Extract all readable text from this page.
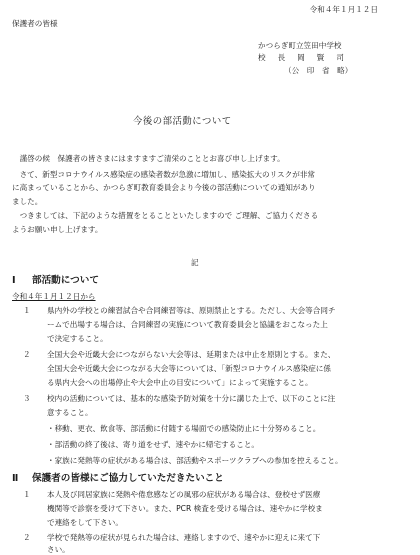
令和４年１月１２日
保護者の皆様
かつらぎ町立笠田中学校
校　長　岡　賢　司
（公　印　省　略）
今後の部活動について
　謹啓の候　保護者の皆さまにはますますご清栄のこととお喜び申し上げます。
　さて、新型コロナウイルス感染症の感染者数が急激に増加し、感染拡大のリスクが非常
に高まっていることから、かつらぎ町教育委員会より今後の部活動についての通知があり
ました。
　つきましては、下記のような措置をとることといたしますので ご理解、ご協力くださる
ようお願い申し上げます。
記
Ⅰ 部活動について
令和４年１月１２日から
１ 県内外の学校との練習試合や合同練習等は、原則禁止とする。ただし、大会等合同チ
ームで出場する場合は、合同練習の実施について教育委員会と協議をおこなった上
で決定すること。
２ 全国大会や近畿大会につながらない大会等は、延期または中止を原則とする。また、
全国大会や近畿大会につながる大会等については、「新型コロナウイルス感染症に係
る県内大会への出場停止や大会中止の目安について」によって実施すること。
３ 校内の活動については、基本的な感染予防対策を十分に講じた上で、以下のことに注
意すること。
・移動、更衣、飲食等、部活動に付随する場面での感染防止に十分努めること。
・部活動の終了後は、寄り道をせず、速やかに帰宅すること。
・家族に発熱等の症状がある場合は、部活動やスポーツクラブへの参加を控えること。
Ⅱ 保護者の皆様にご協力していただきたいこと
１ 本人及び同居家族に発熱や倦怠感などの風邪の症状がある場合は、登校せず医療
機関等で診察を受けて下さい。また、PCR 検査を受ける場合は、速やかに学校ま
で連絡をして下さい。
２ 学校で発熱等の症状が見られた場合は、連絡しますので、速やかに迎えに来て下
さい。
